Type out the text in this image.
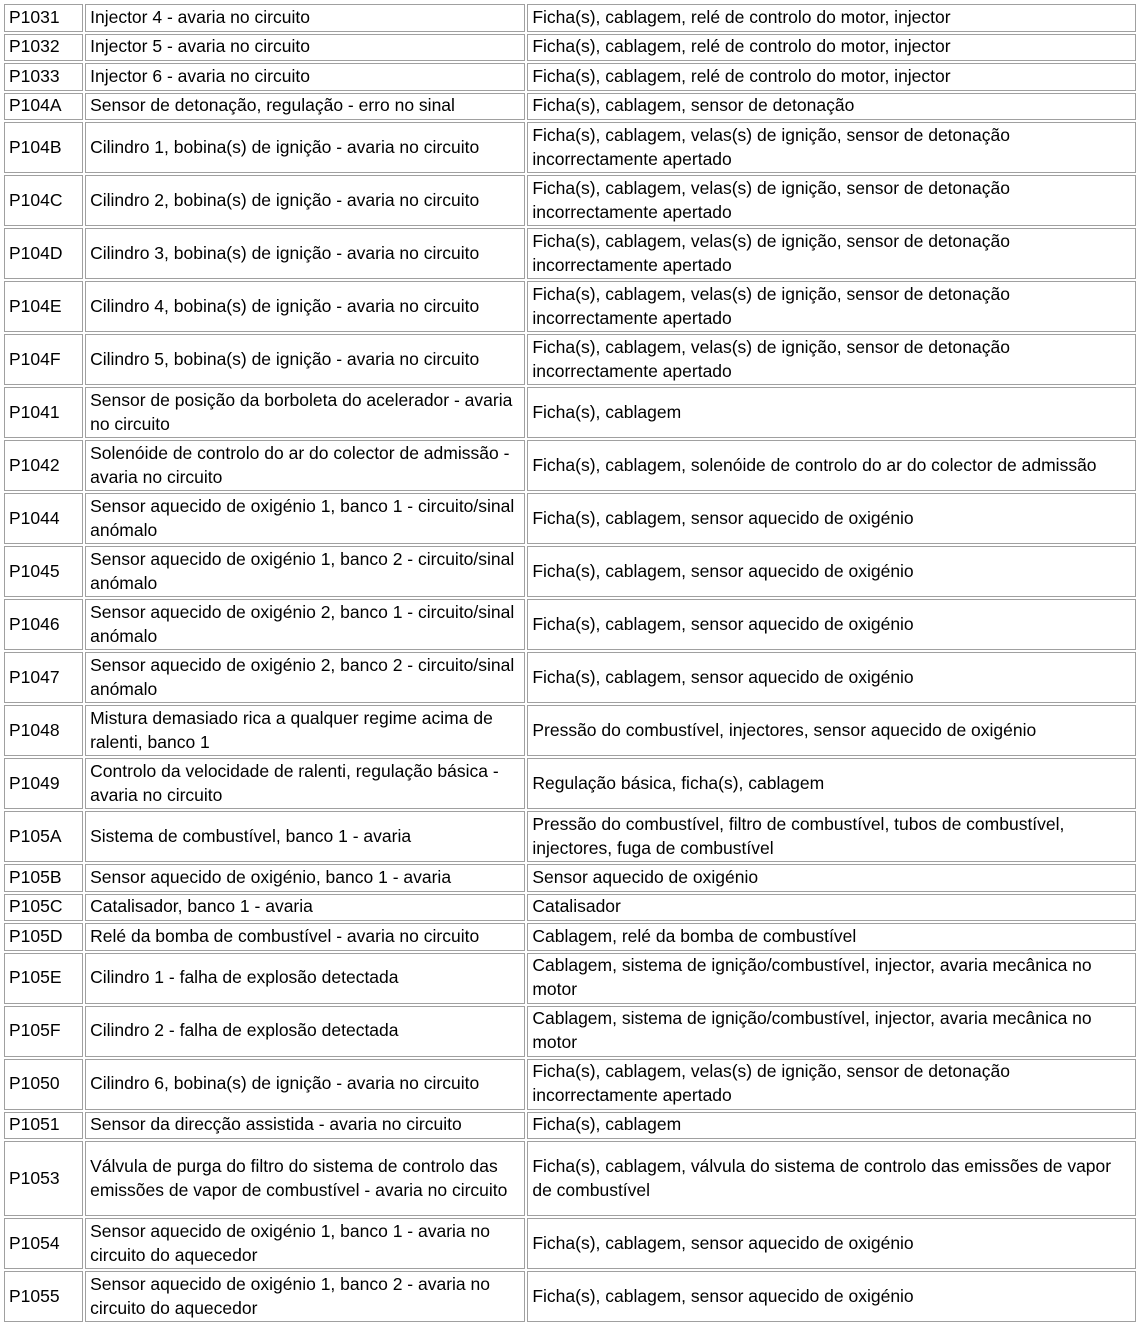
P1031	Injector 4 - avaria no circuito	Ficha(s), cablagem, relé de controlo do motor, injector
P1032	Injector 5 - avaria no circuito	Ficha(s), cablagem, relé de controlo do motor, injector
P1033	Injector 6 - avaria no circuito	Ficha(s), cablagem, relé de controlo do motor, injector
P104A	Sensor de detonação, regulação - erro no sinal	Ficha(s), cablagem, sensor de detonação
P104B	Cilindro 1, bobina(s) de ignição - avaria no circuito	Ficha(s), cablagem, velas(s) de ignição, sensor de detonação incorrectamente apertado
P104C	Cilindro 2, bobina(s) de ignição - avaria no circuito	Ficha(s), cablagem, velas(s) de ignição, sensor de detonação incorrectamente apertado
P104D	Cilindro 3, bobina(s) de ignição - avaria no circuito	Ficha(s), cablagem, velas(s) de ignição, sensor de detonação incorrectamente apertado
P104E	Cilindro 4, bobina(s) de ignição - avaria no circuito	Ficha(s), cablagem, velas(s) de ignição, sensor de detonação incorrectamente apertado
P104F	Cilindro 5, bobina(s) de ignição - avaria no circuito	Ficha(s), cablagem, velas(s) de ignição, sensor de detonação incorrectamente apertado
P1041	Sensor de posição da borboleta do acelerador - avaria no circuito	Ficha(s), cablagem
P1042	Solenóide de controlo do ar do colector de admissão - avaria no circuito	Ficha(s), cablagem, solenóide de controlo do ar do colector de admissão
P1044	Sensor aquecido de oxigénio 1, banco 1 - circuito/sinal anómalo	Ficha(s), cablagem, sensor aquecido de oxigénio
P1045	Sensor aquecido de oxigénio 1, banco 2 - circuito/sinal anómalo	Ficha(s), cablagem, sensor aquecido de oxigénio
P1046	Sensor aquecido de oxigénio 2, banco 1 - circuito/sinal anómalo	Ficha(s), cablagem, sensor aquecido de oxigénio
P1047	Sensor aquecido de oxigénio 2, banco 2 - circuito/sinal anómalo	Ficha(s), cablagem, sensor aquecido de oxigénio
P1048	Mistura demasiado rica a qualquer regime acima de ralenti, banco 1	Pressão do combustível, injectores, sensor aquecido de oxigénio
P1049	Controlo da velocidade de ralenti, regulação básica - avaria no circuito	Regulação básica, ficha(s), cablagem
P105A	Sistema de combustível, banco 1 - avaria	Pressão do combustível, filtro de combustível, tubos de combustível, injectores, fuga de combustível
P105B	Sensor aquecido de oxigénio, banco 1 - avaria	Sensor aquecido de oxigénio
P105C	Catalisador, banco 1 - avaria	Catalisador
P105D	Relé da bomba de combustível - avaria no circuito	Cablagem, relé da bomba de combustível
P105E	Cilindro 1 - falha de explosão detectada	Cablagem, sistema de ignição/combustível, injector, avaria mecânica no motor
P105F	Cilindro 2 - falha de explosão detectada	Cablagem, sistema de ignição/combustível, injector, avaria mecânica no motor
P1050	Cilindro 6, bobina(s) de ignição - avaria no circuito	Ficha(s), cablagem, velas(s) de ignição, sensor de detonação incorrectamente apertado
P1051	Sensor da direcção assistida - avaria no circuito	Ficha(s), cablagem
P1053	Válvula de purga do filtro do sistema de controlo das emissões de vapor de combustível - avaria no circuito	Ficha(s), cablagem, válvula do sistema de controlo das emissões de vapor de combustível
P1054	Sensor aquecido de oxigénio 1, banco 1 - avaria no circuito do aquecedor	Ficha(s), cablagem, sensor aquecido de oxigénio
P1055	Sensor aquecido de oxigénio 1, banco 2 - avaria no circuito do aquecedor	Ficha(s), cablagem, sensor aquecido de oxigénio
